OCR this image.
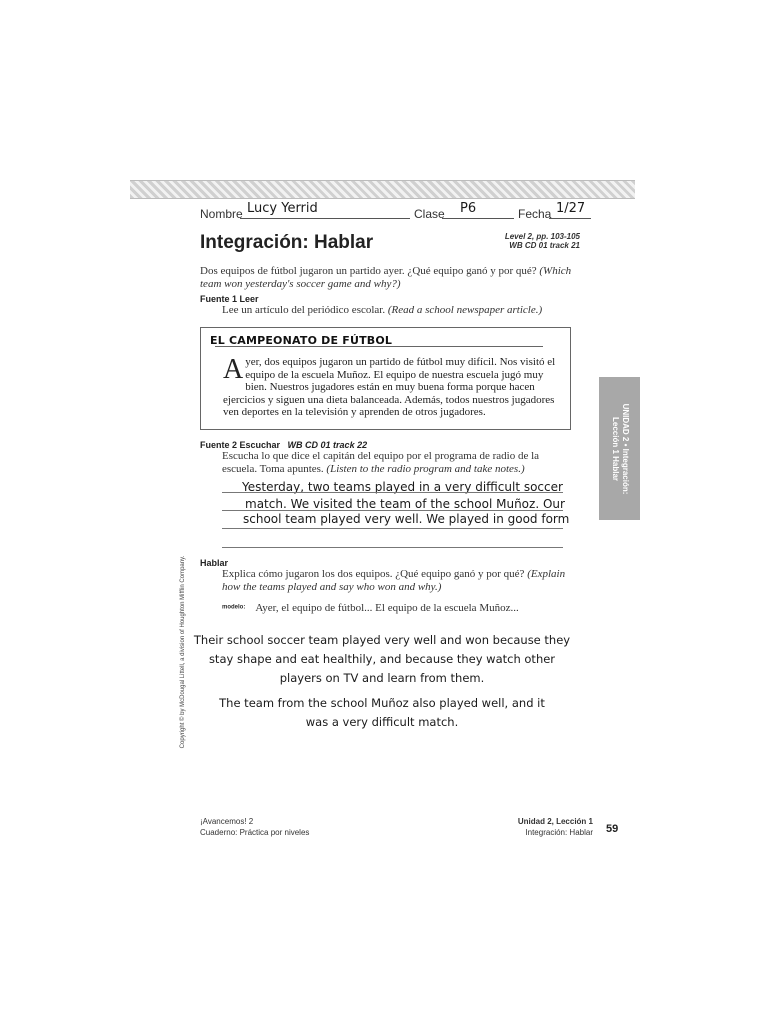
Nombre Lucy Yerrid	Clase P6	Fecha 1/27
Integración: Hablar	Level 2, pp. 103-105
WB CD 01 track 21
Dos equipos de fútbol jugaron un partido ayer. ¿Qué equipo ganó y por qué? (Which team won yesterday's soccer game and why?)
Fuente 1 Leer
Lee un artículo del periódico escolar. (Read a school newspaper article.)
EL CAMPEONATO DE FÚTBOL
Ayer, dos equipos jugaron un partido de fútbol muy difícil. Nos visitó el equipo de la escuela Muñoz. El equipo de nuestra escuela jugó muy bien. Nuestros jugadores están en muy buena forma porque hacen ejercicios y siguen una dieta balanceada. Además, todos nuestros jugadores ven deportes en la televisión y aprenden de otros jugadores.	UNIDAD 2 • Integración:
Lección 1 Hablar
Fuente 2 Escuchar WB CD 01 track 22
Escucha lo que dice el capitán del equipo por el programa de radio de la escuela. Toma apuntes. (Listen to the radio program and take notes.)
Yesterday, two teams played in a very difficult soccer
match. We visited the team of the school Muñoz. Our
school team played very well. We played in good form
Copyright © by McDougal Littell, a division of Houghton Mifflin Company. Hablar
Explica cómo jugaron los dos equipos. ¿Qué equipo ganó y por qué? (Explain how the teams played and say who won and why.)
modelo: Ayer, el equipo de fútbol... El equipo de la escuela Muñoz...
Their school soccer team played very well and won because they stay shape and eat healthily, and because they watch other players on TV and learn from them.
The team from the school Muñoz also played well, and it was a very difficult match.
¡Avancemos! 2
Cuaderno: Práctica por niveles
Unidad 2, Lección 1
Integración: Hablar 59
